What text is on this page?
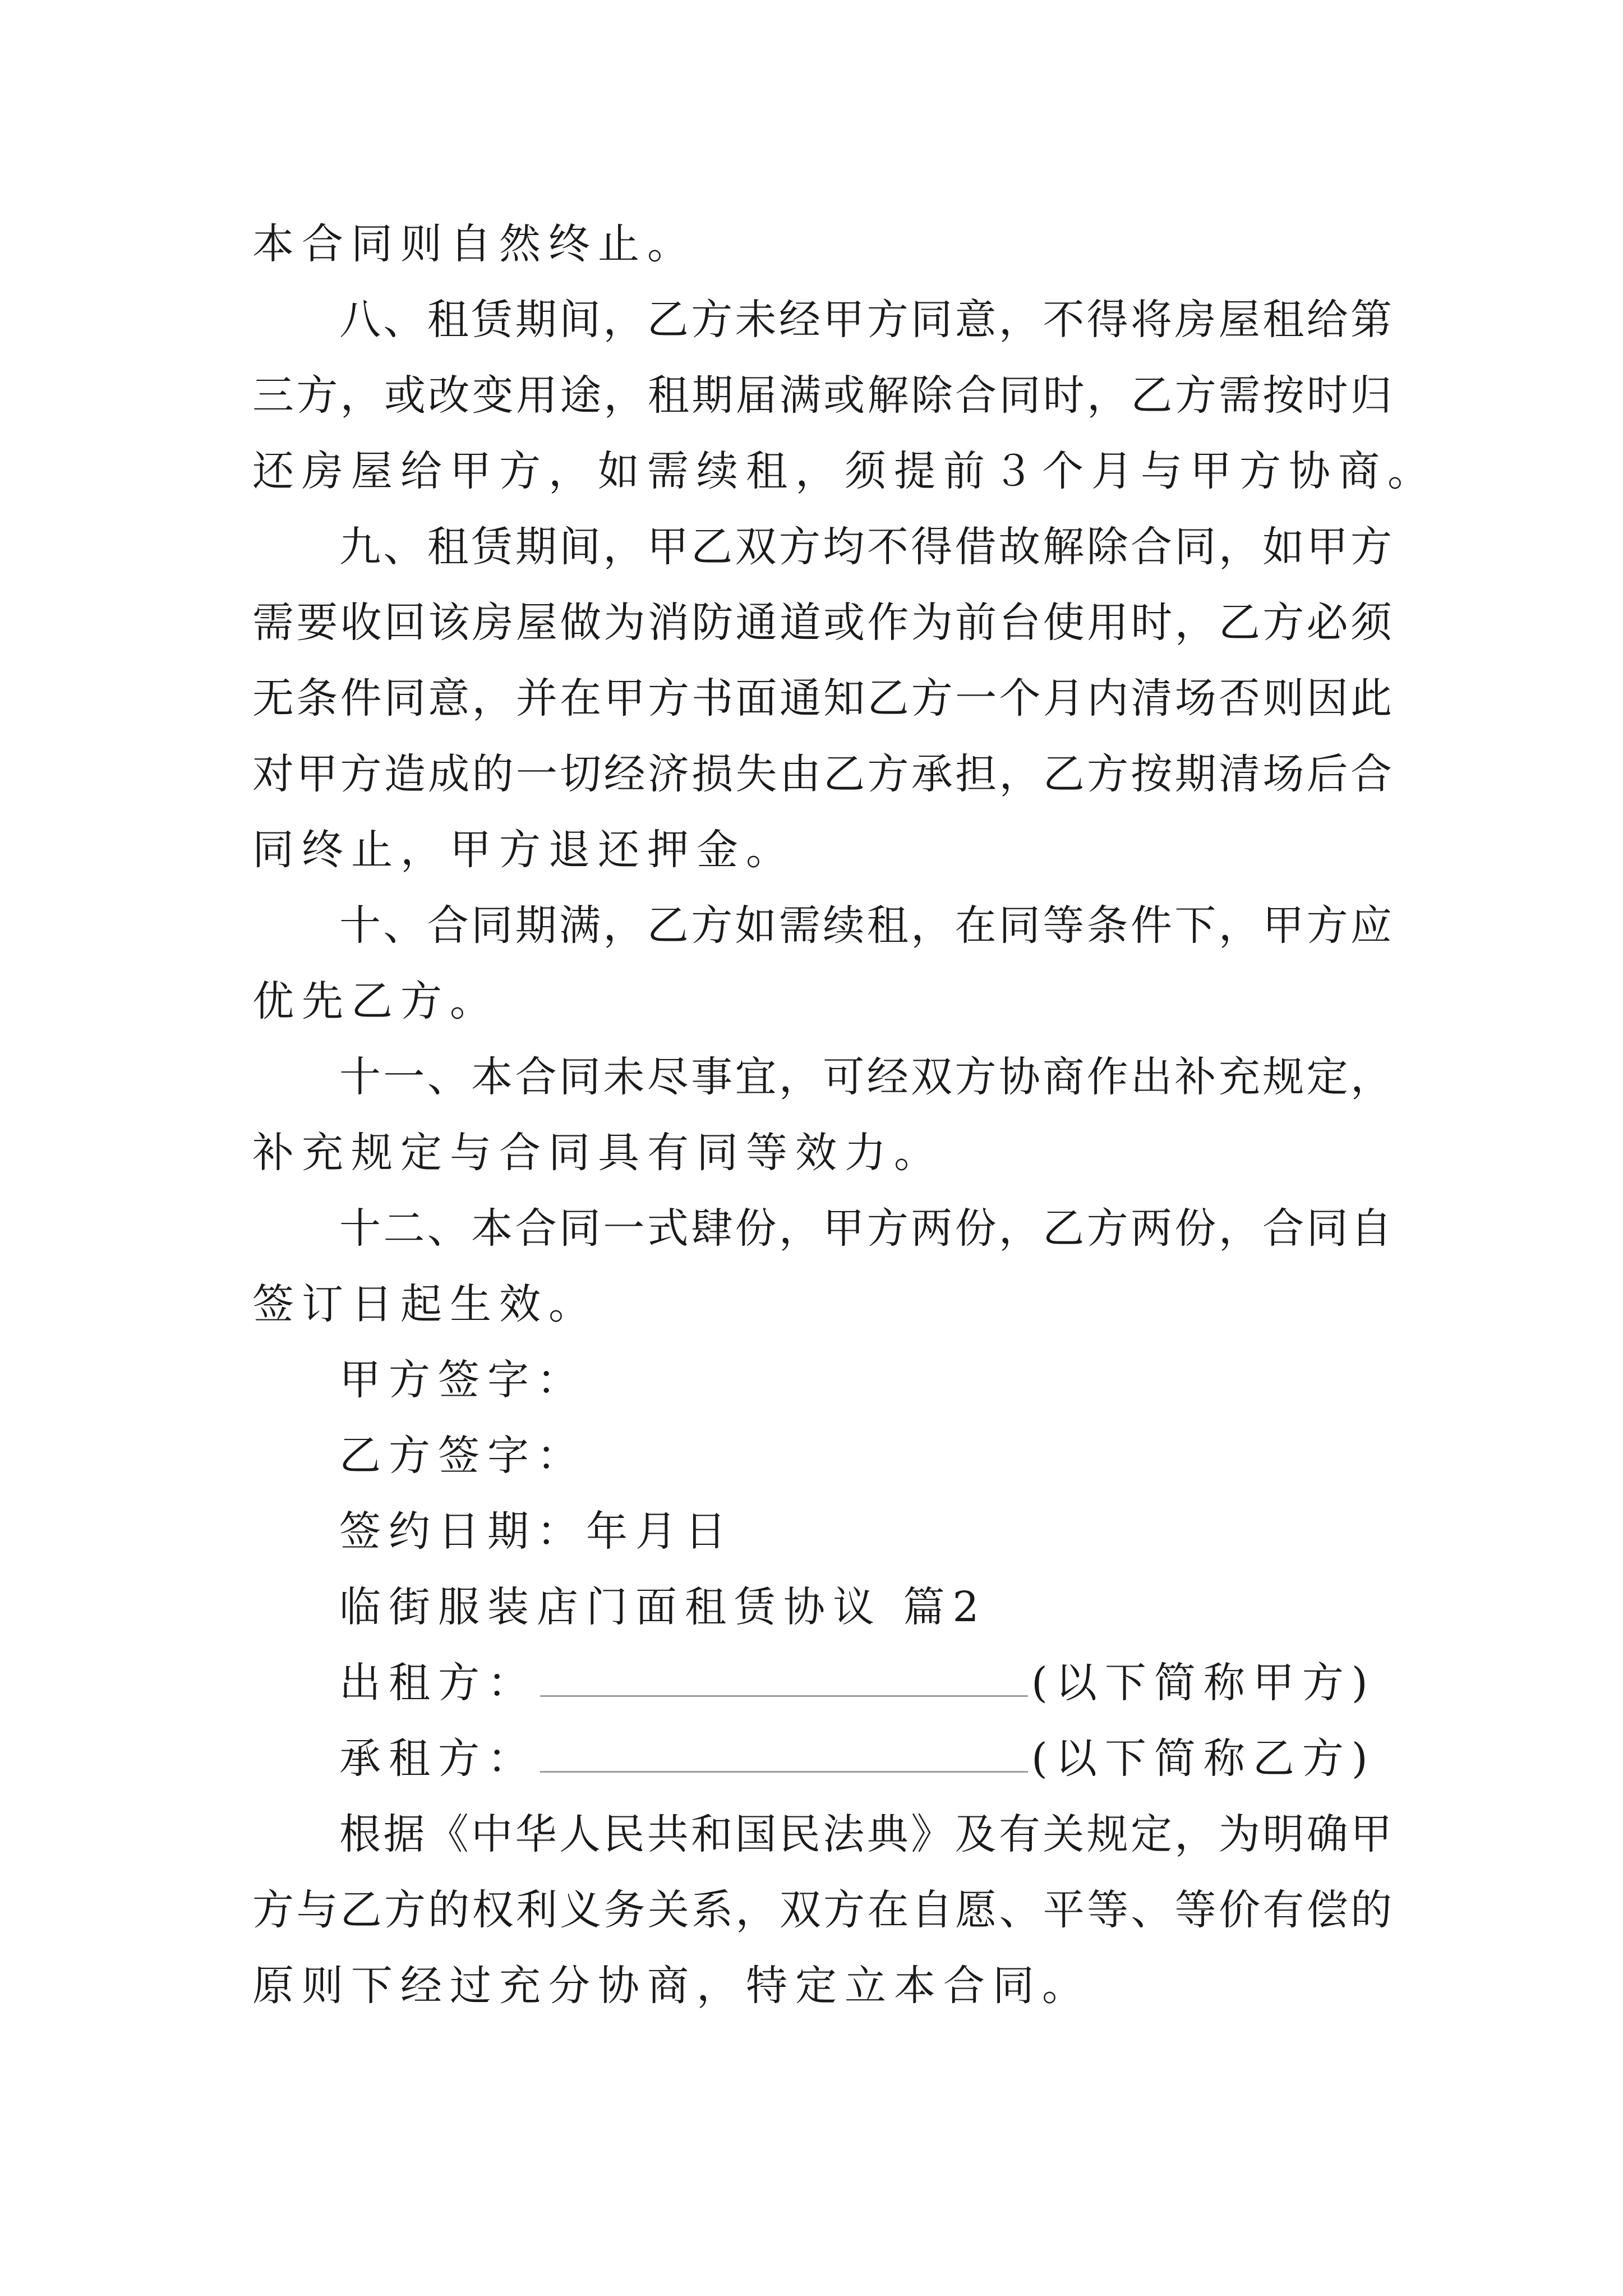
本合同则自然终止。
八、租赁期间，乙方未经甲方同意，不得将房屋租给第
三方，或改变用途，租期届满或解除合同时，乙方需按时归
还房屋给甲方，如需续租，须提前３个月与甲方协商。
九、租赁期间，甲乙双方均不得借故解除合同，如甲方
需要收回该房屋做为消防通道或作为前台使用时，乙方必须
无条件同意，并在甲方书面通知乙方一个月内清场否则因此
对甲方造成的一切经济损失由乙方承担，乙方按期清场后合
同终止，甲方退还押金。
十、合同期满，乙方如需续租，在同等条件下，甲方应
优先乙方。
十一、本合同未尽事宜，可经双方协商作出补充规定，
补充规定与合同具有同等效力。
十二、本合同一式肆份，甲方两份，乙方两份，合同自
签订日起生效。
甲方签字：
乙方签字：
签约日期：年月日
临街服装店门面租赁协议 篇2
出租方：	(以下简称甲方)
承租方：	(以下简称乙方)
根据《中华人民共和国民法典》及有关规定，为明确甲
方与乙方的权利义务关系，双方在自愿、平等、等价有偿的
原则下经过充分协商，特定立本合同。
